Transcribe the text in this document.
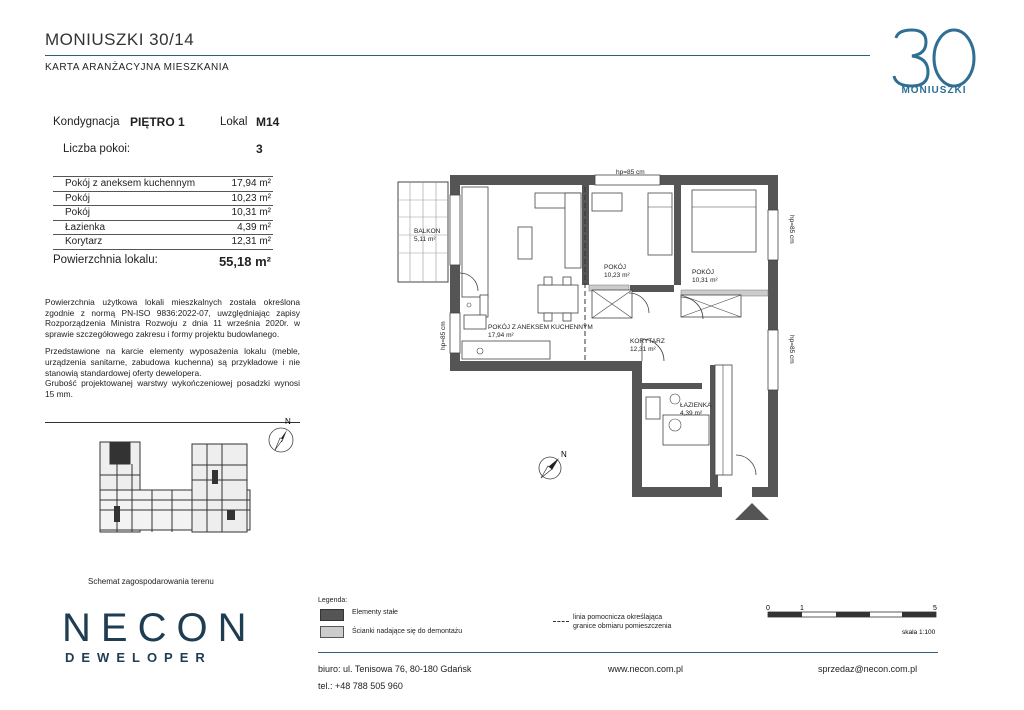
MONIUSZKI 30/14
KARTA ARANŻACYJNA MIESZKANIA
MONIUSZKI
Kondygnacja PIĘTRO 1	Lokal M14
Liczba pokoi:	3
Pokój z aneksem kuchennym	17,94 m²
Pokój	10,23 m²
Pokój	10,31 m²
Łazienka	4,39 m²
Korytarz	12,31 m²
Powierzchnia lokalu:	55,18 m²

Powierzchnia użytkowa lokali mieszkalnych została określona zgodnie z normą PN-ISO 9836:2022-07, uwzględniając zapisy Rozporządzenia Ministra Rozwoju z dnia 11 września 2020r. w sprawie szczegółowego zakresu i formy projektu budowlanego.

Przedstawione na karcie elementy wyposażenia lokalu (meble, urządzenia sanitarne, zabudowa kuchenna) są przykładowe i nie stanowią standardowej oferty dewelopera.

Grubość projektowanej warstwy wykończeniowej posadzki wynosi 15 mm.

N
Schemat zagospodarowania terenu
BALKON
5,11 m²
POKÓJ Z ANEKSEM KUCHENNYM
17,94 m²
POKÓJ
10,23 m²	POKÓJ
10,31 m²
KORYTARZ
12,31 m²
ŁAZIENKA
4,39 m²
hp=85 cm
hp=85 cm
hp=85 cm
hp=85 cm
N
NECON
DEWELOPER
Legenda:
Elementy stałe
Ścianki nadające się do demontażu
linia pomocnicza określająca
granice obmiaru pomieszczenia
0	1	5
skala 1:100
biuro: ul. Tenisowa 76, 80-180 Gdańsk
tel.: +48 788 505 960
www.necon.com.pl	sprzedaz@necon.com.pl
